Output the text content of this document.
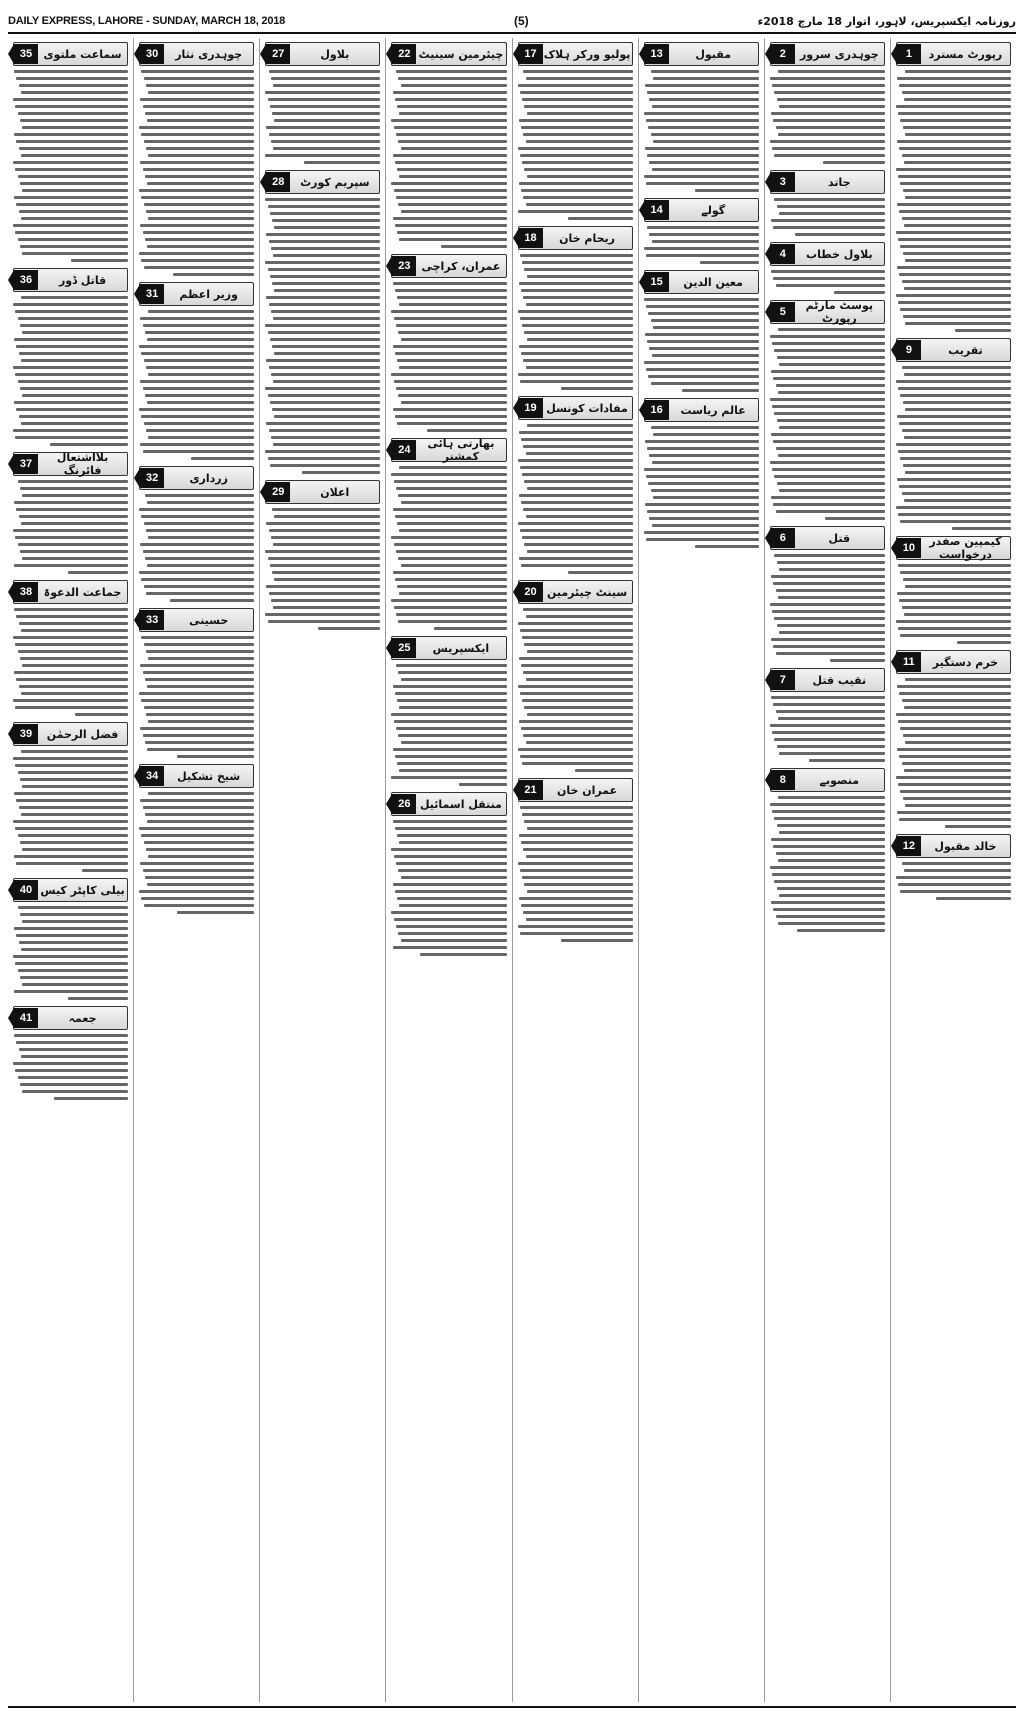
DAILY EXPRESS, LAHORE - SUNDAY, MARCH 18, 2018	(5)	روزنامہ ایکسپریس، لاہور، اتوار 18 مارچ 2018ء
رپورٹ مسترد
1
تقریب
9
کیمپین صفدر درخواست
10
خرم دستگیر
11
خالد مقبول
12
چوہدری سرور
2
جاتد
3
بلاول خطاب
4
پوسٹ مارٹم رپورٹ
5
قتل
6
نقیب قتل
7
منصوبے
8
مقبول
13
گولے
14
معین الدین
15
عالم ریاست
16
پولیو ورکر ہلاک
17
ریحام خان
18
مفادات کونسل
19
سینٹ چیئرمین
20
عمران خان
21
چیئرمین سینیٹ
22
عمران، کراچی
23
بھارتی ہائی کمشنر
24
ایکسپریس
25
منتقل اسمائیل
26
بلاول
27
سپریم کورٹ
28
اعلان
29
چوہدری نثار
30
وزیر اعظم
31
زرداری
32
حسینی
33
شیخ تشکیل
34
سماعت ملتوی
35
قاتل ڈور
36
بلااشتعال فائرنگ
37
جماعت الدعوۃ
38
فضل الرحمٰن
39
بیلی کاپٹر کیس
40
جعمہ
41
